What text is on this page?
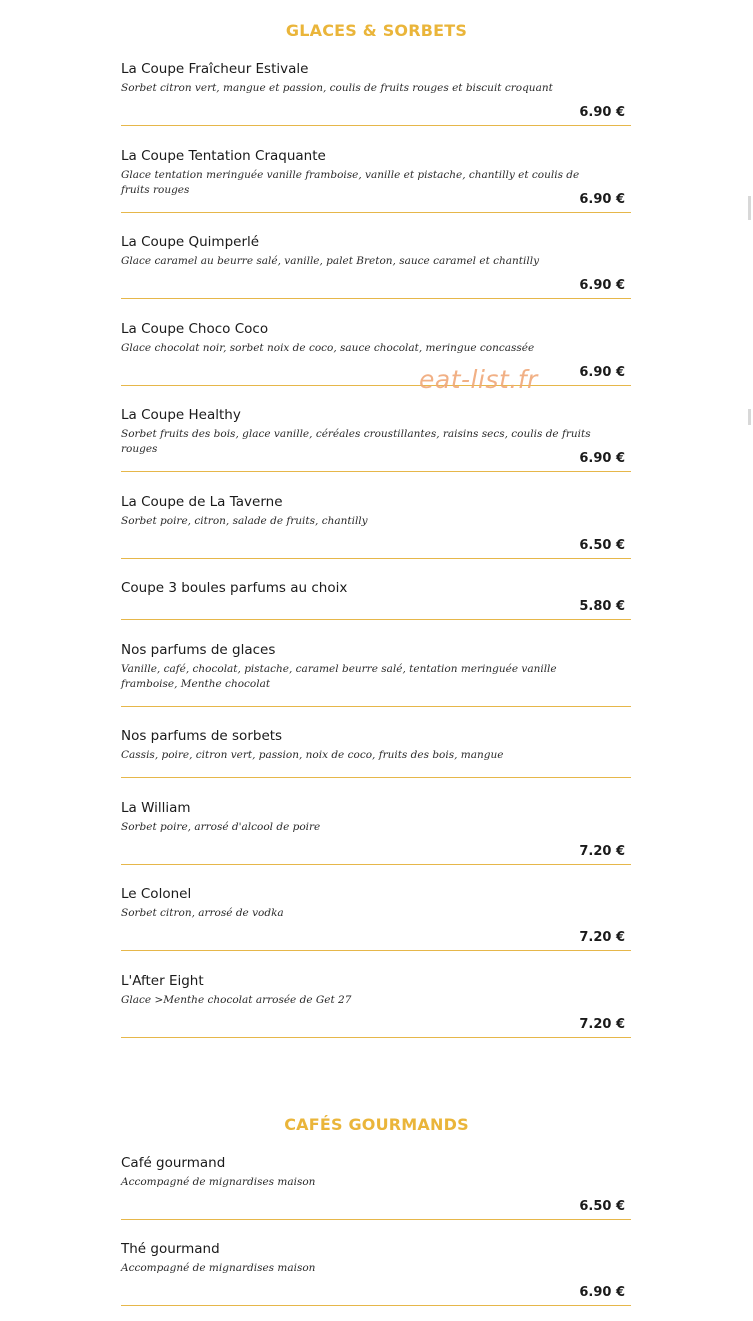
GLACES & SORBETS
La Coupe Fraîcheur Estivale
Sorbet citron vert, mangue et passion, coulis de fruits rouges et biscuit croquant
6.90 €
La Coupe Tentation Craquante
Glace tentation meringuée vanille framboise, vanille et pistache, chantilly et coulis de fruits rouges
6.90 €
La Coupe Quimperlé
Glace caramel au beurre salé, vanille, palet Breton, sauce caramel et chantilly
6.90 €
La Coupe Choco Coco
Glace chocolat noir, sorbet noix de coco, sauce chocolat, meringue concassée
6.90 €
La Coupe Healthy
Sorbet fruits des bois, glace vanille, céréales croustillantes, raisins secs, coulis de fruits rouges
6.90 €
La Coupe de La Taverne
Sorbet poire, citron, salade de fruits, chantilly
6.50 €
Coupe 3 boules parfums au choix
5.80 €
Nos parfums de glaces
Vanille, café, chocolat, pistache, caramel beurre salé, tentation meringuée vanille framboise, Menthe chocolat
Nos parfums de sorbets
Cassis, poire, citron vert, passion, noix de coco, fruits des bois, mangue
La William
Sorbet poire, arrosé d'alcool de poire
7.20 €
Le Colonel
Sorbet citron, arrosé de vodka
7.20 €
L'After Eight
Glace >Menthe chocolat arrosée de Get 27
7.20 €
CAFÉS GOURMANDS
Café gourmand
Accompagné de mignardises maison
6.50 €
Thé gourmand
Accompagné de mignardises maison
6.90 €
eat-list.fr
